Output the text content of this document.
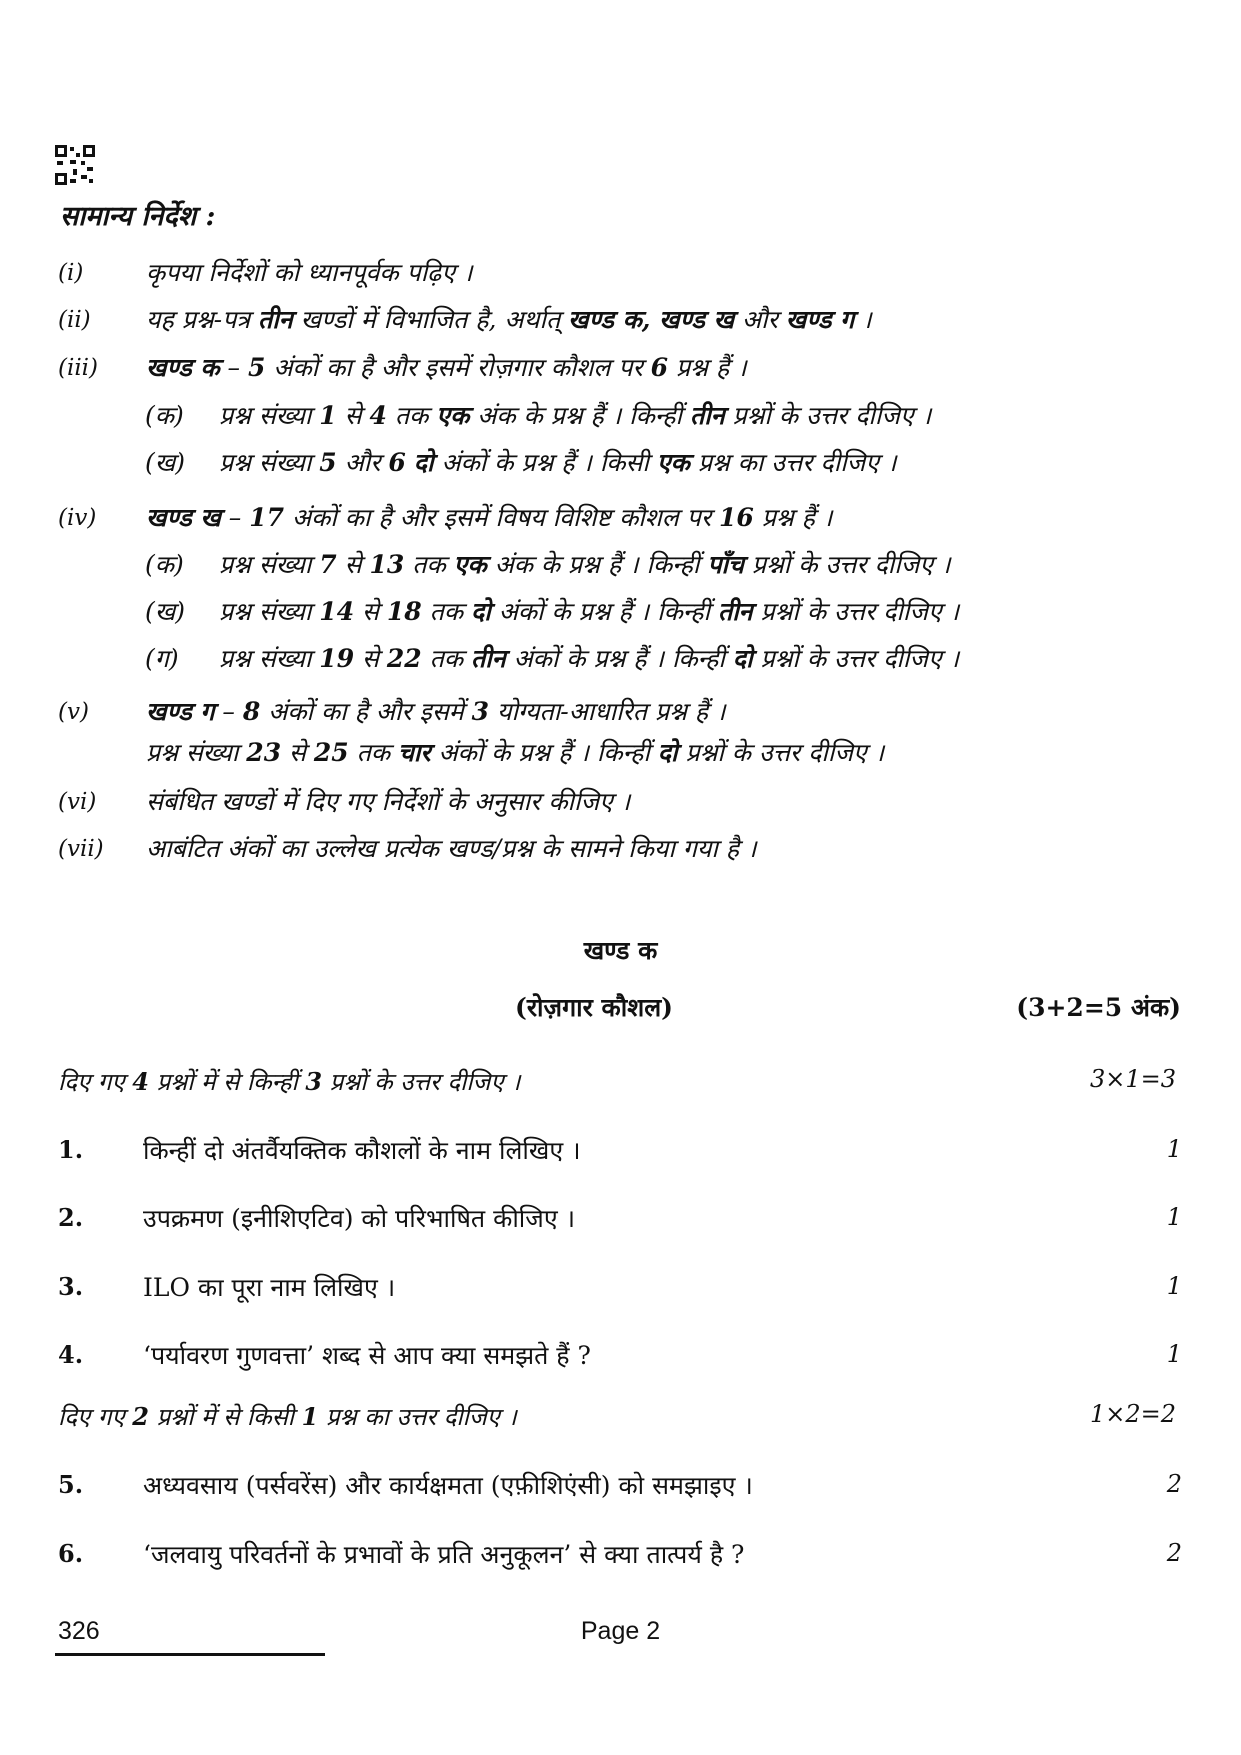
सामान्य निर्देश :
(i)	कृपया निर्देशों को ध्यानपूर्वक पढ़िए ।
(ii) यह प्रश्न-पत्र तीन खण्डों में विभाजित है, अर्थात् खण्ड क, खण्ड ख और खण्ड ग ।
(iii) खण्ड क – 5 अंकों का है और इसमें रोज़गार कौशल पर 6 प्रश्न हैं ।
(क) प्रश्न संख्या 1 से 4 तक एक अंक के प्रश्न हैं । किन्हीं तीन प्रश्नों के उत्तर दीजिए ।
(ख) प्रश्न संख्या 5 और 6 दो अंकों के प्रश्न हैं । किसी एक प्रश्न का उत्तर दीजिए ।
(iv) खण्ड ख – 17 अंकों का है और इसमें विषय विशिष्ट कौशल पर 16 प्रश्न हैं ।
(क) प्रश्न संख्या 7 से 13 तक एक अंक के प्रश्न हैं । किन्हीं पाँच प्रश्नों के उत्तर दीजिए ।
(ख) प्रश्न संख्या 14 से 18 तक दो अंकों के प्रश्न हैं । किन्हीं तीन प्रश्नों के उत्तर दीजिए ।
(ग) प्रश्न संख्या 19 से 22 तक तीन अंकों के प्रश्न हैं । किन्हीं दो प्रश्नों के उत्तर दीजिए ।
(v) खण्ड ग – 8 अंकों का है और इसमें 3 योग्यता-आधारित प्रश्न हैं ।
प्रश्न संख्या 23 से 25 तक चार अंकों के प्रश्न हैं । किन्हीं दो प्रश्नों के उत्तर दीजिए ।
(vi) संबंधित खण्डों में दिए गए निर्देशों के अनुसार कीजिए ।
(vii) आबंटित अंकों का उल्लेख प्रत्येक खण्ड/प्रश्न के सामने किया गया है ।
खण्ड क
(रोज़गार कौशल)	(3+2=5 अंक)
दिए गए 4 प्रश्नों में से किन्हीं 3 प्रश्नों के उत्तर दीजिए ।	3×1=3
1. किन्हीं दो अंतर्वैयक्तिक कौशलों के नाम लिखिए ।	1
2. उपक्रमण (इनीशिएटिव) को परिभाषित कीजिए ।	1
3. ILO का पूरा नाम लिखिए ।	1
4. ‘पर्यावरण गुणवत्ता’ शब्द से आप क्या समझते हैं ?	1
दिए गए 2 प्रश्नों में से किसी 1 प्रश्न का उत्तर दीजिए ।	1×2=2
5. अध्यवसाय (पर्सवरेंस) और कार्यक्षमता (एफ़ीशिएंसी) को समझाइए ।	2
6. ‘जलवायु परिवर्तनों के प्रभावों के प्रति अनुकूलन’ से क्या तात्पर्य है ?	2
326	Page 2
